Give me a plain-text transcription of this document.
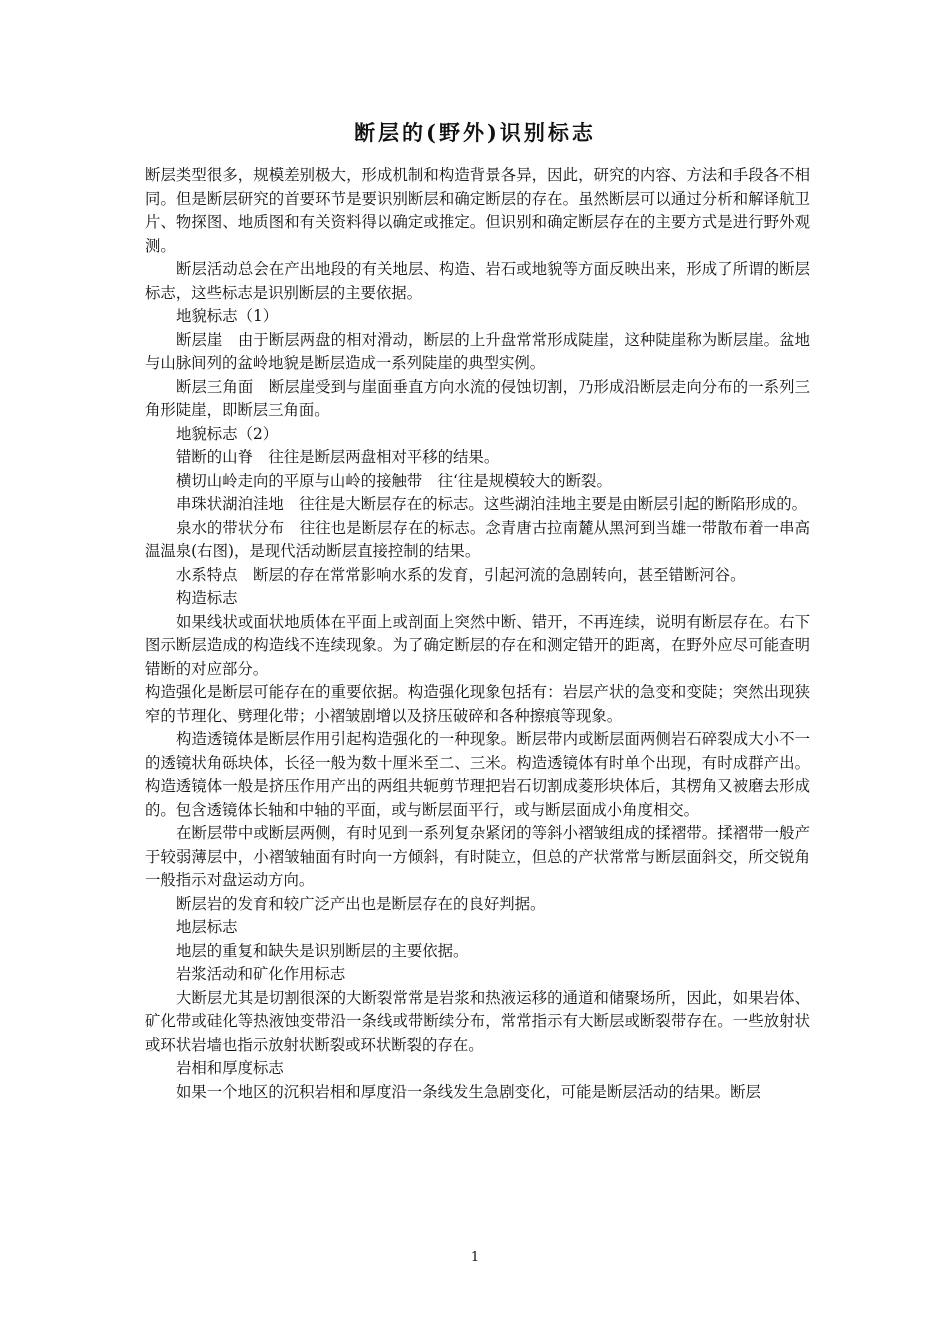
断层的(野外)识别标志

断层类型很多，规模差别极大，形成机制和构造背景各异，因此，研究的内容、方法和手段各不相同。但是断层研究的首要环节是要识别断层和确定断层的存在。虽然断层可以通过分析和解译航卫片、物探图、地质图和有关资料得以确定或推定。但识别和确定断层存在的主要方式是进行野外观测。

断层活动总会在产出地段的有关地层、构造、岩石或地貌等方面反映出来，形成了所谓的断层标志，这些标志是识别断层的主要依据。

地貌标志（1）

断层崖　由于断层两盘的相对滑动，断层的上升盘常常形成陡崖，这种陡崖称为断层崖。盆地与山脉间列的盆岭地貌是断层造成一系列陡崖的典型实例。

断层三角面　断层崖受到与崖面垂直方向水流的侵蚀切割，乃形成沿断层走向分布的一系列三角形陡崖，即断层三角面。

地貌标志（2）

错断的山脊　往往是断层两盘相对平移的结果。

横切山岭走向的平原与山岭的接触带　往‘往是规模较大的断裂。

串珠状湖泊洼地　往往是大断层存在的标志。这些湖泊洼地主要是由断层引起的断陷形成的。

泉水的带状分布　往往也是断层存在的标志。念青唐古拉南麓从黑河到当雄一带散布着一串高温温泉(右图)，是现代活动断层直接控制的结果。

水系特点　断层的存在常常影响水系的发育，引起河流的急剧转向，甚至错断河谷。

构造标志

如果线状或面状地质体在平面上或剖面上突然中断、错开，不再连续，说明有断层存在。右下图示断层造成的构造线不连续现象。为了确定断层的存在和测定错开的距离，在野外应尽可能查明错断的对应部分。

构造强化是断层可能存在的重要依据。构造强化现象包括有：岩层产状的急变和变陡；突然出现狭窄的节理化、劈理化带；小褶皱剧增以及挤压破碎和各种擦痕等现象。

构造透镜体是断层作用引起构造强化的一种现象。断层带内或断层面两侧岩石碎裂成大小不一的透镜状角砾块体，长径一般为数十厘米至二、三米。构造透镜体有时单个出现，有时成群产出。构造透镜体一般是挤压作用产出的两组共轭剪节理把岩石切割成菱形块体后，其楞角又被磨去形成的。包含透镜体长轴和中轴的平面，或与断层面平行，或与断层面成小角度相交。

在断层带中或断层两侧，有时见到一系列复杂紧闭的等斜小褶皱组成的揉褶带。揉褶带一般产于较弱薄层中，小褶皱轴面有时向一方倾斜，有时陡立，但总的产状常常与断层面斜交，所交锐角一般指示对盘运动方向。

断层岩的发育和较广泛产出也是断层存在的良好判据。

地层标志

地层的重复和缺失是识别断层的主要依据。

岩浆活动和矿化作用标志

大断层尤其是切割很深的大断裂常常是岩浆和热液运移的通道和储聚场所，因此，如果岩体、矿化带或硅化等热液蚀变带沿一条线或带断续分布，常常指示有大断层或断裂带存在。一些放射状或环状岩墙也指示放射状断裂或环状断裂的存在。

岩相和厚度标志

如果一个地区的沉积岩相和厚度沿一条线发生急剧变化，可能是断层活动的结果。断层

1
